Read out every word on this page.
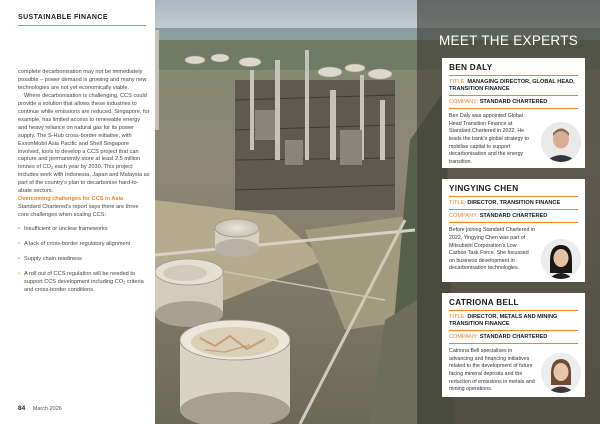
SUSTAINABLE FINANCE

complete decarbonisation may not be immediately possible – power demand is growing and many new technologies are not yet economically viable.

Where decarbonisation is challenging, CCS could provide a solution that allows these industries to continue while emissions are reduced. Singapore, for example, has limited access to renewable energy and heavy reliance on natural gas for its power supply. The S-Hub cross-border initiative, with ExxonMobil Asia Pacific and Shell Singapore involved, tools to develop a CCS project that can capture and permanently store at least 2.5 million tonnes of CO₂ each year by 2030. This project includes work with Indonesia, Japan and Malaysia as part of the country's plan to decarbonise hard-to-abate sectors.

Overcoming challenges for CCS in Asia

Standard Chartered's report says there are three core challenges when scaling CCS:

• Insufficient or unclear frameworks
• A lack of cross-border regulatory alignment
• Supply chain readiness
• A roll out of CCS regulation will be needed to support CCS development including CO₂ criteria and cross-border conditions.
84 March 2026
MEET THE EXPERTS
BEN DALY
TITLE: MANAGING DIRECTOR, GLOBAL HEAD, TRANSITION FINANCE
COMPANY: STANDARD CHARTERED
Ben Daly was appointed Global Head Transition Finance at Standard Chartered in 2022. He leads the bank's global strategy to mobilise capital to support decarbonisation and the energy transition.
YINGYING CHEN
TITLE: DIRECTOR, TRANSITION FINANCE
COMPANY: STANDARD CHARTERED
Before joining Standard Chartered in 2022, Yingying Chen was part of Mitsubishi Corporation's Low Carbon Task Force. She focussed on business development in decarbonisation technologies.
CATRIONA BELL
TITLE: DIRECTOR, METALS AND MINING TRANSITION FINANCE
COMPANY: STANDARD CHARTERED
Catriona Bell specialises in advancing and financing initiatives related to the development of future facing mineral deposits and the reduction of emissions in metals and mining operations.
